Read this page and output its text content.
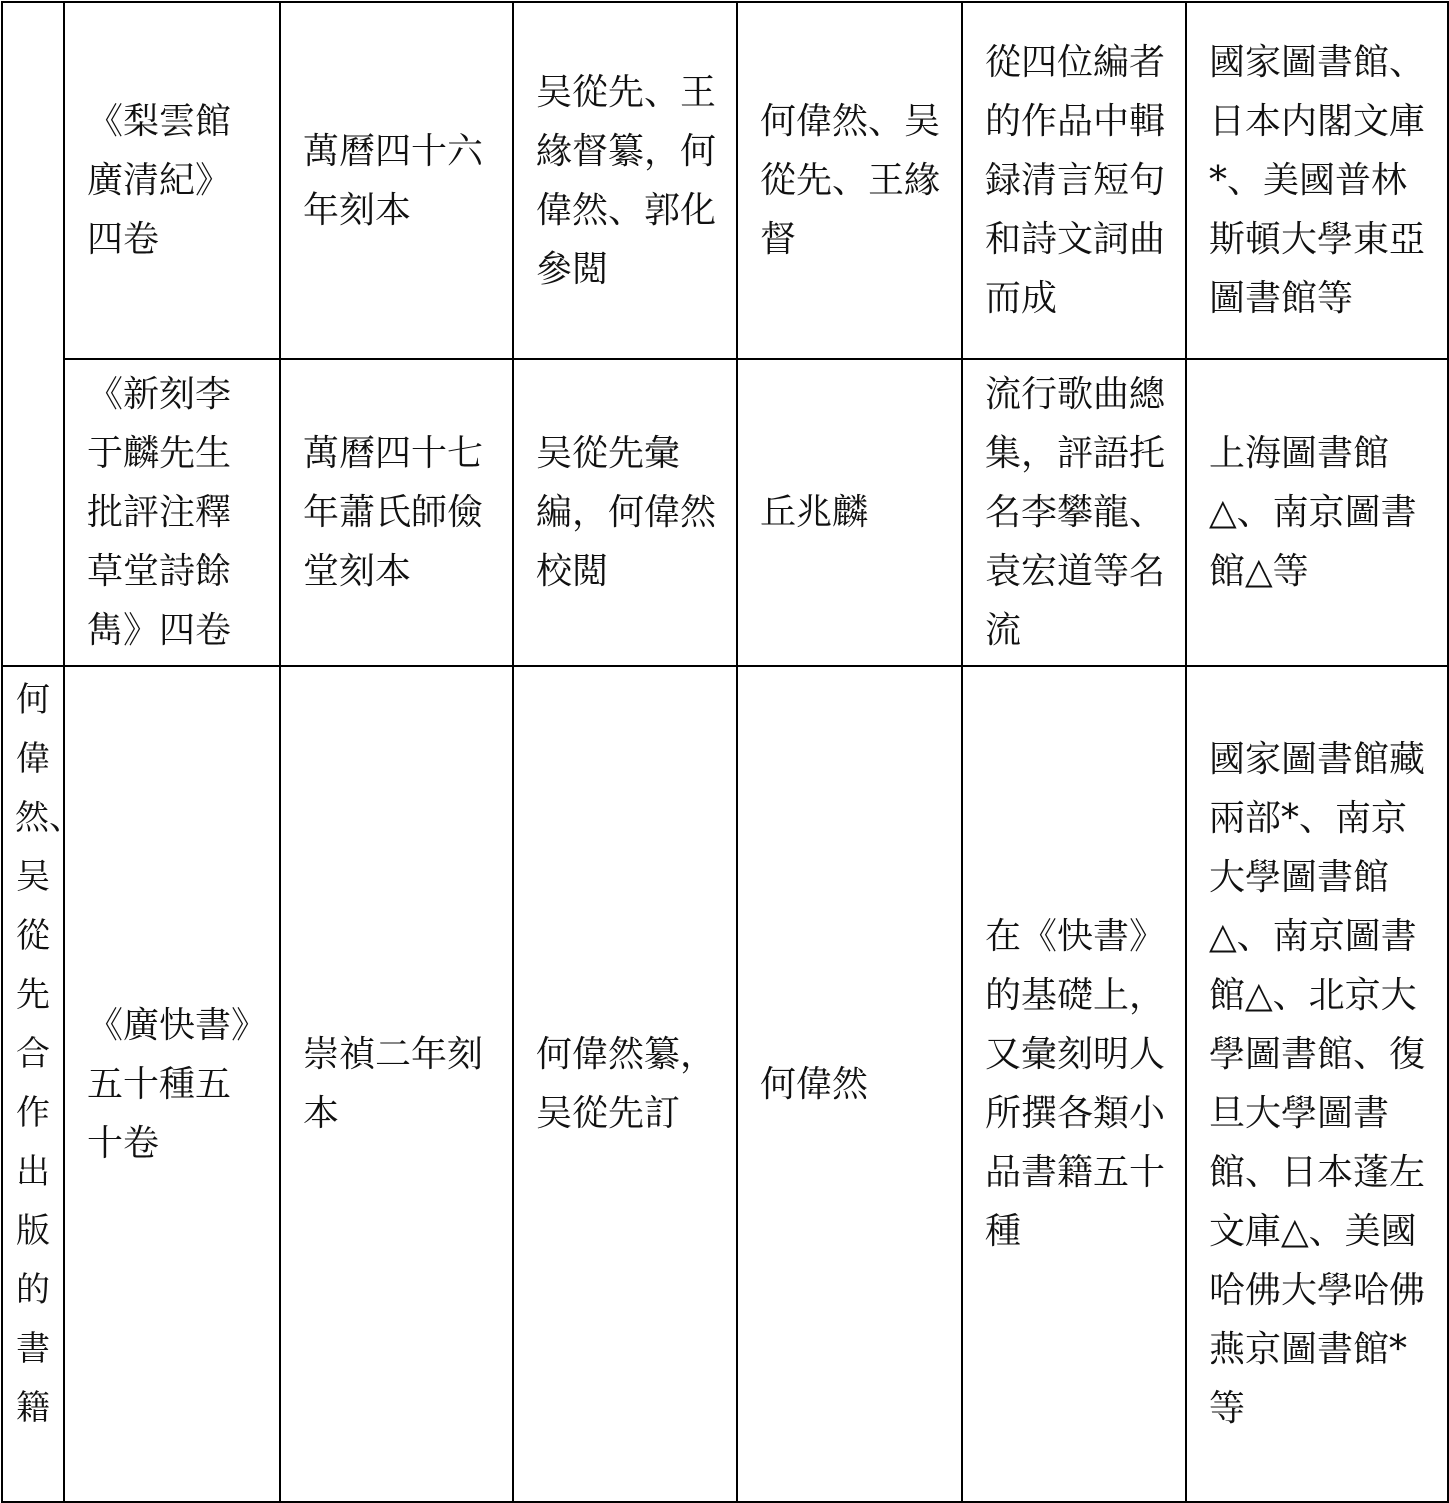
	《梨雲館廣清紀》四卷	萬曆四十六年刻本	吴從先、王緣督纂，何偉然、郭化參閲	何偉然、吴從先、王緣督	從四位編者的作品中輯録清言短句和詩文詞曲而成	國家圖書館、日本内閣文庫*、美國普林斯頓大學東亞圖書館等

	《新刻李于麟先生批評注釋草堂詩餘雋》四卷	萬曆四十七年蕭氏師儉堂刻本	吴從先彙編，何偉然校閲	丘兆麟	流行歌曲總集，評語托名李攀龍、袁宏道等名流	上海圖書館△、南京圖書館△等

何偉然、吴從先合作出版的書籍	《廣快書》五十種五十卷	崇禎二年刻本	何偉然纂，吴從先訂	何偉然	在《快書》的基礎上，又彙刻明人所撰各類小品書籍五十種	國家圖書館藏兩部*、南京大學圖書館△、南京圖書館△、北京大學圖書館、復旦大學圖書館、日本蓬左文庫△、美國哈佛大學哈佛燕京圖書館*等
